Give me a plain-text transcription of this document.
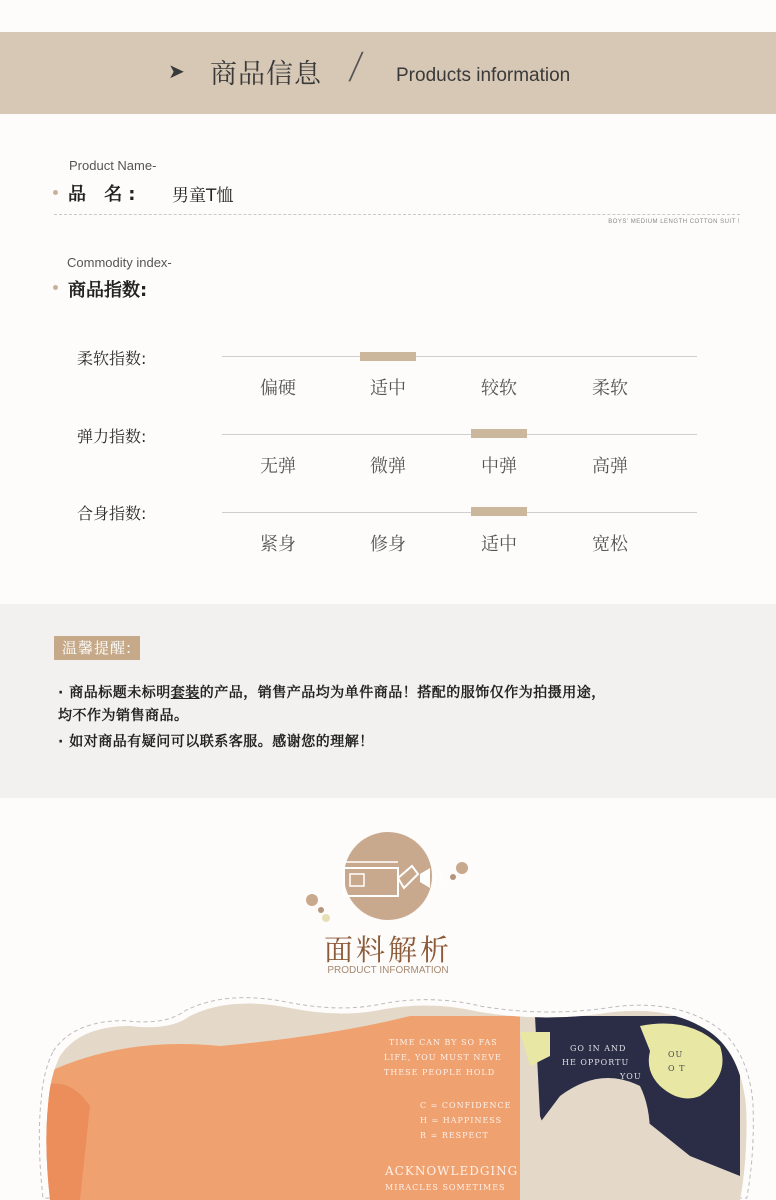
➤ 商品信息 / Products information
Product Name-
品 名: 男童T恤
BOYS' MEDIUM LENGTH COTTON SUIT !
Commodity index-
商品指数:
柔软指数:
偏硬	适中	较软	柔软
弹力指数:
无弹	微弹	中弹	高弹
合身指数:
紧身	修身	适中	宽松
温馨提醒:
· 商品标题未标明套装的产品，销售产品均为单件商品！搭配的服饰仅作为拍摄用途，
均不作为销售商品。
· 如对商品有疑问可以联系客服。感谢您的理解！
面料解析
PRODUCT INFORMATION
TIME CAN BY SO FAS
LIFE, YOU MUST NEVE
THESE PEOPLE HOLD
C = CONFIDENCE
H = HAPPINESS
R = RESPECT
ACKNOWLEDGING
MIRACLES SOMETIMES
GO IN AND
HE OPPORTU
OU
O T
YOU
